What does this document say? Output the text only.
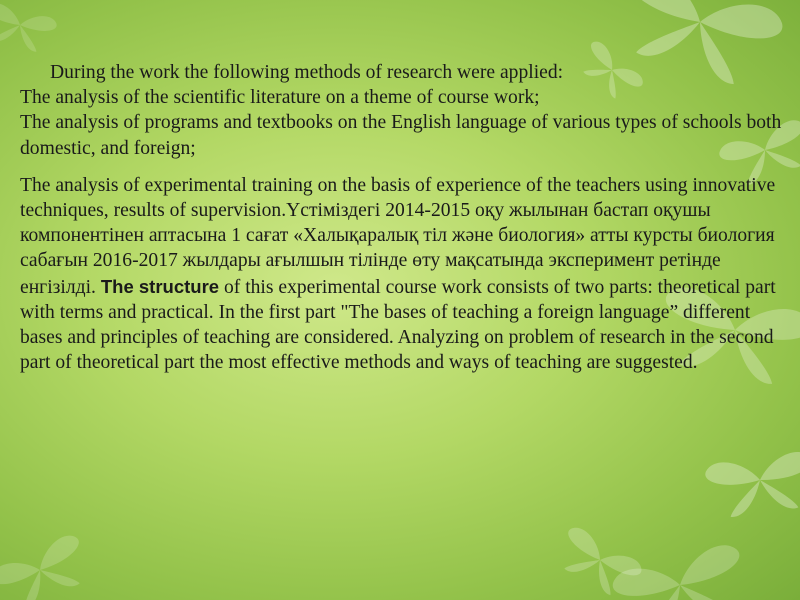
During the work the following methods of research were applied:
The analysis of the scientific literature on a theme of course work;
The analysis of programs and textbooks on the English language of various types of schools both domestic, and foreign;

The analysis of experimental training on the basis of experience of the teachers using innovative techniques, results of supervision.Үстіміздегі 2014-2015 оқу жылынан бастап оқушы компонентінен аптасына 1 сағат «Халықаралық тіл және биология» атты курсты биология сабағын 2016-2017 жылдары ағылшын тілінде өту мақсатында эксперимент ретінде енгізілді. The structure of this experimental course work consists of two parts: theoretical part with terms and practical. In the first part "The bases of teaching a foreign language” different bases and principles of teaching are considered. Analyzing on problem of research in the second part of theoretical part the most effective methods and ways of teaching are suggested.
